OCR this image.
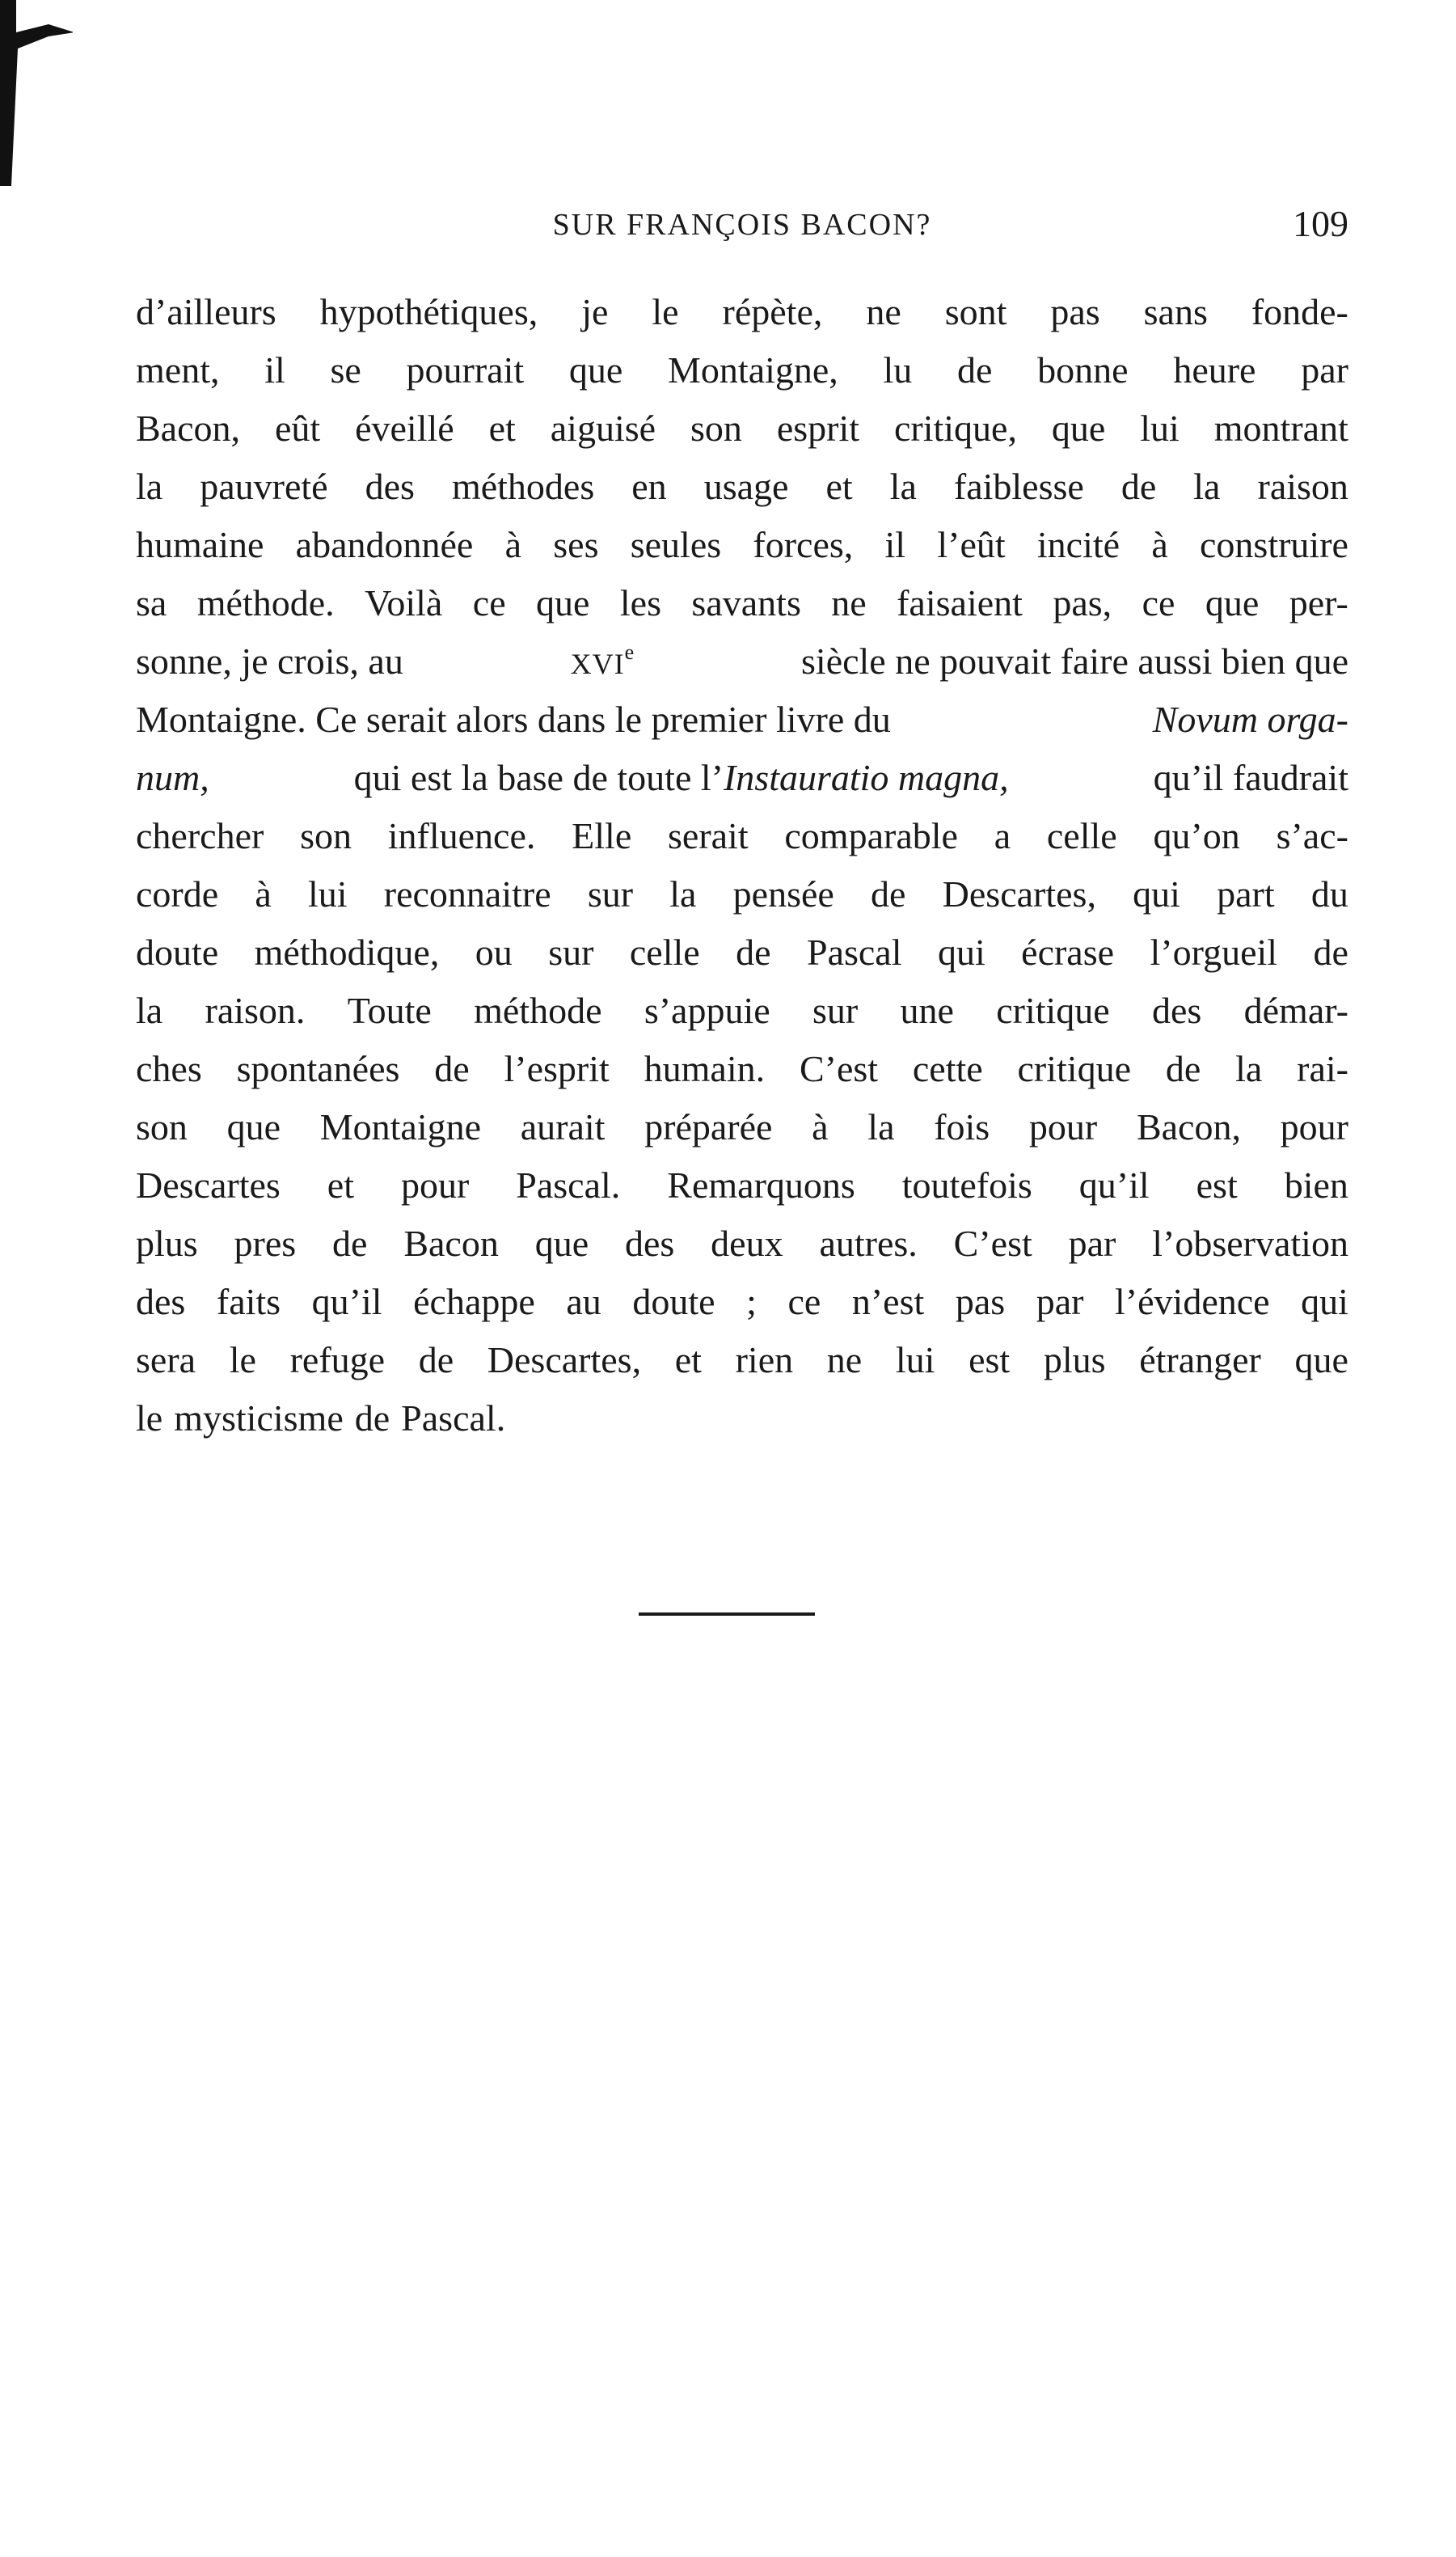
SUR FRANÇOIS BACON?	109
d’ailleurs hypothétiques, je le répète, ne sont pas sans fonde-
ment, il se pourrait que Montaigne, lu de bonne heure par
Bacon, eût éveillé et aiguisé son esprit critique, que lui montrant
la pauvreté des méthodes en usage et la faiblesse de la raison
humaine abandonnée à ses seules forces, il l’eût incité à construire
sa méthode. Voilà ce que les savants ne faisaient pas, ce que per-
sonne, je crois, au	XVIe	siècle ne pouvait faire aussi bien que
Montaigne. Ce serait alors dans le premier livre du	Novum orga-
num,	qui est la base de toute l’Instauratio magna,	qu’il faudrait
chercher son influence. Elle serait comparable a celle qu’on s’ac-
corde à lui reconnaitre sur la pensée de Descartes, qui part du
doute méthodique, ou sur celle de Pascal qui écrase l’orgueil de
la raison. Toute méthode s’appuie sur une critique des démar-
ches spontanées de l’esprit humain. C’est cette critique de la rai-
son que Montaigne aurait préparée à la fois pour Bacon, pour
Descartes et pour Pascal. Remarquons toutefois qu’il est bien
plus pres de Bacon que des deux autres. C’est par l’observation
des faits qu’il échappe au doute ; ce n’est pas par l’évidence qui
sera le refuge de Descartes, et rien ne lui est plus étranger que
le mysticisme de Pascal.
